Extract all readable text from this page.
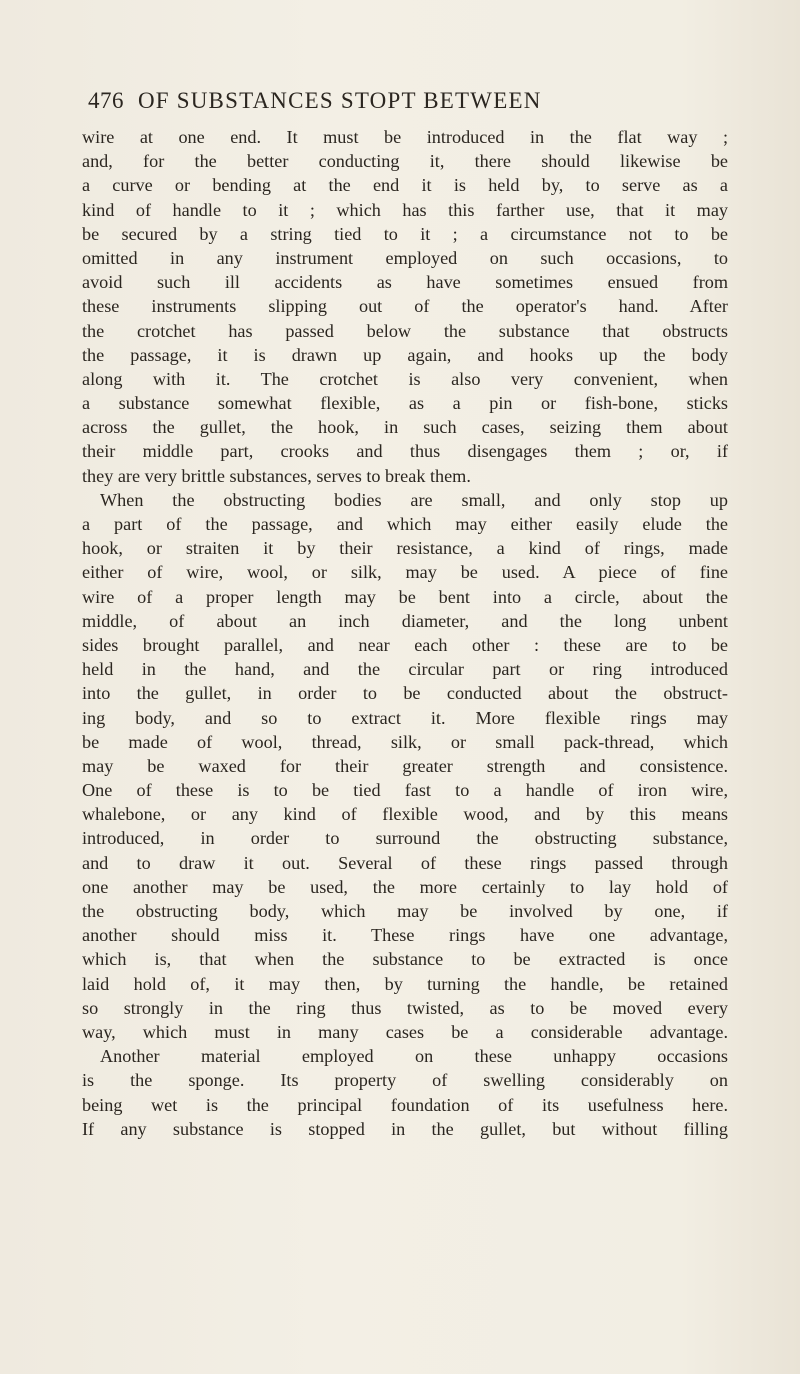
476 OF SUBSTANCES STOPT BETWEEN
wire at one end. It must be introduced in the flat way ;
and, for the better conducting it, there should likewise be
a curve or bending at the end it is held by, to serve as a
kind of handle to it ; which has this farther use, that it may
be secured by a string tied to it ; a circumstance not to be
omitted in any instrument employed on such occasions, to
avoid such ill accidents as have sometimes ensued from
these instruments slipping out of the operator's hand. After
the crotchet has passed below the substance that obstructs
the passage, it is drawn up again, and hooks up the body
along with it. The crotchet is also very convenient, when
a substance somewhat flexible, as a pin or fish-bone, sticks
across the gullet, the hook, in such cases, seizing them about
their middle part, crooks and thus disengages them ; or, if
they are very brittle substances, serves to break them.
When the obstructing bodies are small, and only stop up
a part of the passage, and which may either easily elude the
hook, or straiten it by their resistance, a kind of rings, made
either of wire, wool, or silk, may be used. A piece of fine
wire of a proper length may be bent into a circle, about the
middle, of about an inch diameter, and the long unbent
sides brought parallel, and near each other : these are to be
held in the hand, and the circular part or ring introduced
into the gullet, in order to be conducted about the obstruct-
ing body, and so to extract it. More flexible rings may
be made of wool, thread, silk, or small pack-thread, which
may be waxed for their greater strength and consistence.
One of these is to be tied fast to a handle of iron wire,
whalebone, or any kind of flexible wood, and by this means
introduced, in order to surround the obstructing substance,
and to draw it out. Several of these rings passed through
one another may be used, the more certainly to lay hold of
the obstructing body, which may be involved by one, if
another should miss it. These rings have one advantage,
which is, that when the substance to be extracted is once
laid hold of, it may then, by turning the handle, be retained
so strongly in the ring thus twisted, as to be moved every
way, which must in many cases be a considerable advantage.
Another material employed on these unhappy occasions
is the sponge. Its property of swelling considerably on
being wet is the principal foundation of its usefulness here.
If any substance is stopped in the gullet, but without filling
